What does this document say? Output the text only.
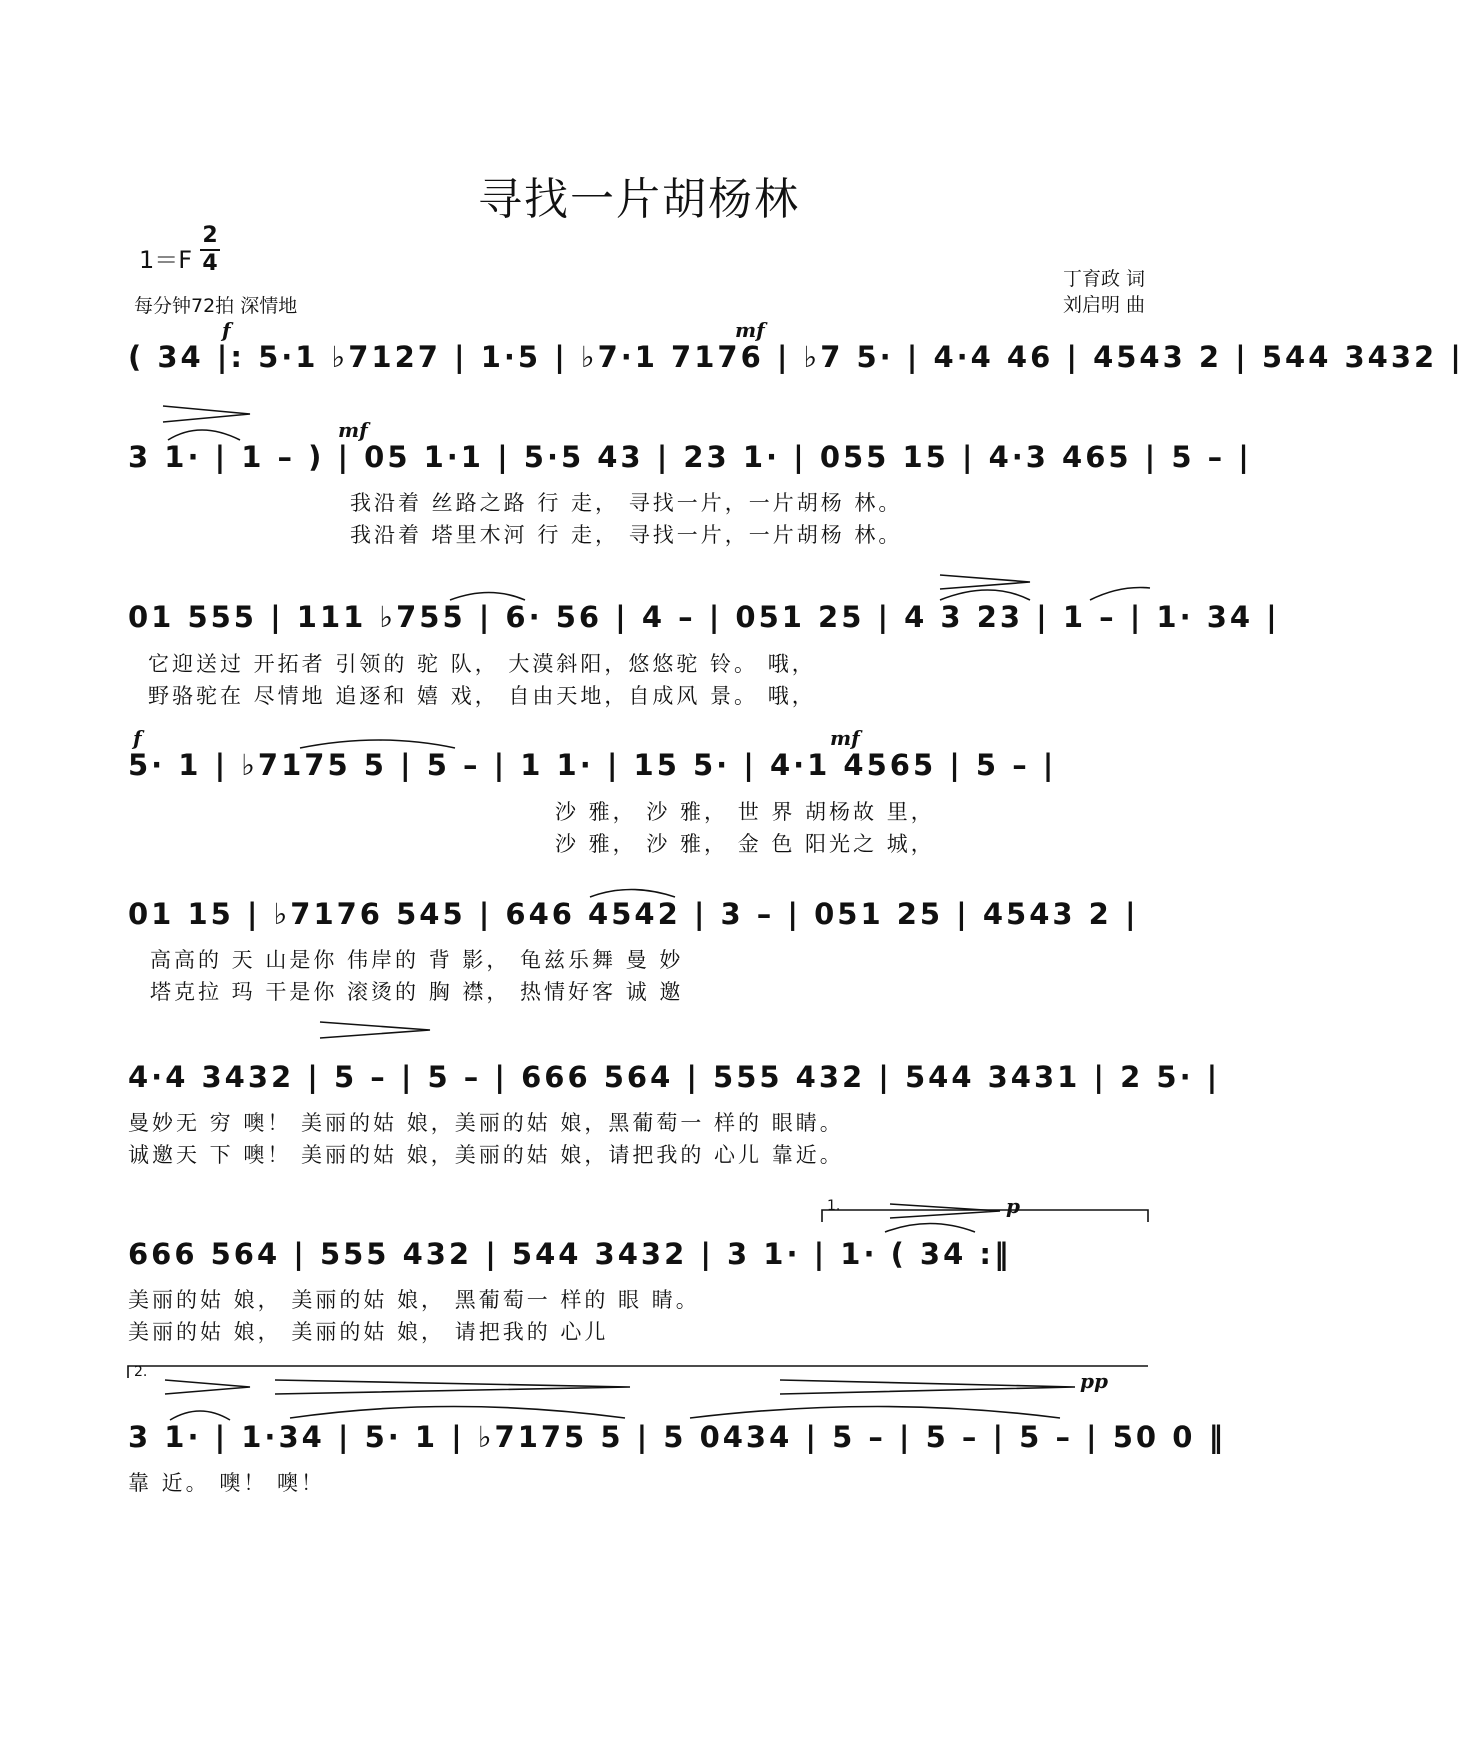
寻找一片胡杨林
1＝F
2
4
每分钟72拍 深情地
丁育政 词
刘启明 曲
( 34 |: 5·1 ♭7127 | 1·5 | ♭7·1 7176 | ♭7 5· | 4·4 46 | 4543 2 | 544 3432 |
3 1· | 1 – ) | 05 1·1 | 5·5 43 | 23 1· | 055 15 | 4·3 465 | 5 – |
我沿着 丝路之路 行 走， 寻找一片，一片胡杨 林。
我沿着 塔里木河 行 走， 寻找一片，一片胡杨 林。
01 555 | 111 ♭755 | 6· 56 | 4 – | 051 25 | 4 3 23 | 1 – | 1· 34 |
它迎送过 开拓者 引领的 驼 队， 大漠斜阳，悠悠驼 铃。 哦，
野骆驼在 尽情地 追逐和 嬉 戏， 自由天地，自成风 景。 哦，
5· 1 | ♭7175 5 | 5 – | 1 1· | 15 5· | 4·1 4565 | 5 – |
沙 雅， 沙 雅， 世 界 胡杨故 里，
沙 雅， 沙 雅， 金 色 阳光之 城，
01 15 | ♭7176 545 | 646 4542 | 3 – | 051 25 | 4543 2 |
高高的 天 山是你 伟岸的 背 影， 龟兹乐舞 曼 妙
塔克拉 玛 干是你 滚烫的 胸 襟， 热情好客 诚 邀
4·4 3432 | 5 – | 5 – | 666 564 | 555 432 | 544 3431 | 2 5· |
曼妙无 穷 噢！ 美丽的姑 娘，美丽的姑 娘，黑葡萄一 样的 眼睛。
诚邀天 下 噢！ 美丽的姑 娘，美丽的姑 娘，请把我的 心儿 靠近。
666 564 | 555 432 | 544 3432 | 3 1· | 1· ( 34 :‖
美丽的姑 娘， 美丽的姑 娘， 黑葡萄一 样的 眼 睛。
美丽的姑 娘， 美丽的姑 娘， 请把我的 心儿
3 1· | 1·34 | 5· 1 | ♭7175 5 | 5 0434 | 5 – | 5 – | 5 – | 50 0 ‖
靠 近。 噢！ 噢！
1.
2.
f	mf
mf
f	mf
p
pp
